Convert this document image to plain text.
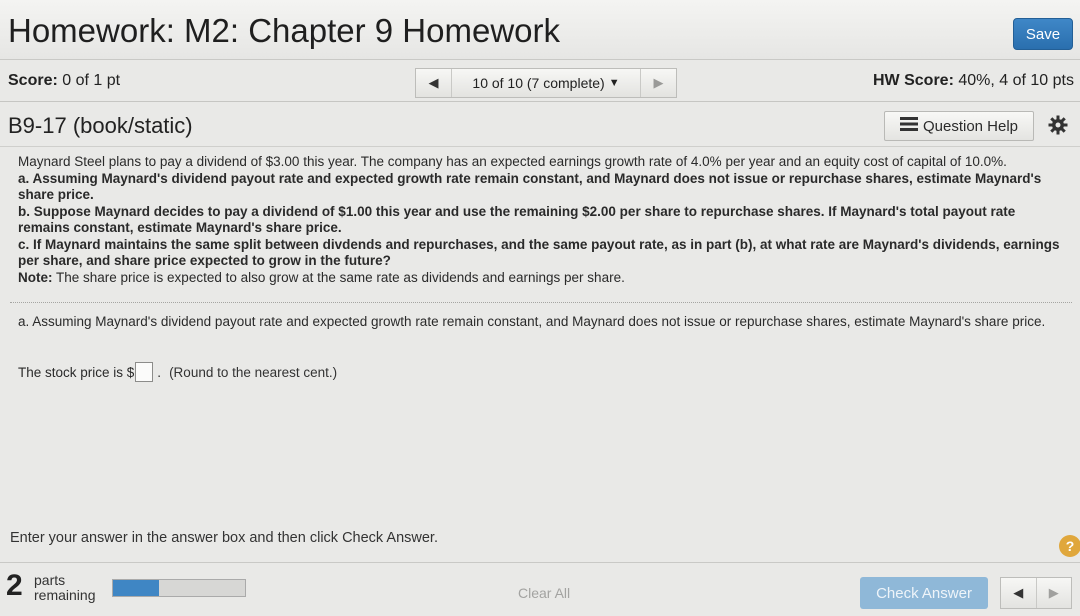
Homework: M2: Chapter 9 Homework	Save
Score: 0 of 1 pt	◀ 10 of 10 (7 complete) ▼	▶	HW Score: 40%, 4 of 10 pts
B9-17 (book/static)	Question Help

Maynard Steel plans to pay a dividend of $3.00 this year. The company has an expected earnings growth rate of 4.0% per year and an equity cost of capital of 10.0%.

a. Assuming Maynard's dividend payout rate and expected growth rate remain constant, and Maynard does not issue or repurchase shares, estimate Maynard's share price.

b. Suppose Maynard decides to pay a dividend of $1.00 this year and use the remaining $2.00 per share to repurchase shares. If Maynard's total payout rate remains constant, estimate Maynard's share price.

c. If Maynard maintains the same split between divdends and repurchases, and the same payout rate, as in part (b), at what rate are Maynard's dividends, earnings per share, and share price expected to grow in the future?

Note: The share price is expected to also grow at the same rate as dividends and earnings per share.

a. Assuming Maynard's dividend payout rate and expected growth rate remain constant, and Maynard does not issue or repurchase shares, estimate Maynard's share price.
The stock price is $ . (Round to the nearest cent.)
Enter your answer in the answer box and then click Check Answer.	?
2 parts
remaining	Clear All	Check Answer	◀ ▶
